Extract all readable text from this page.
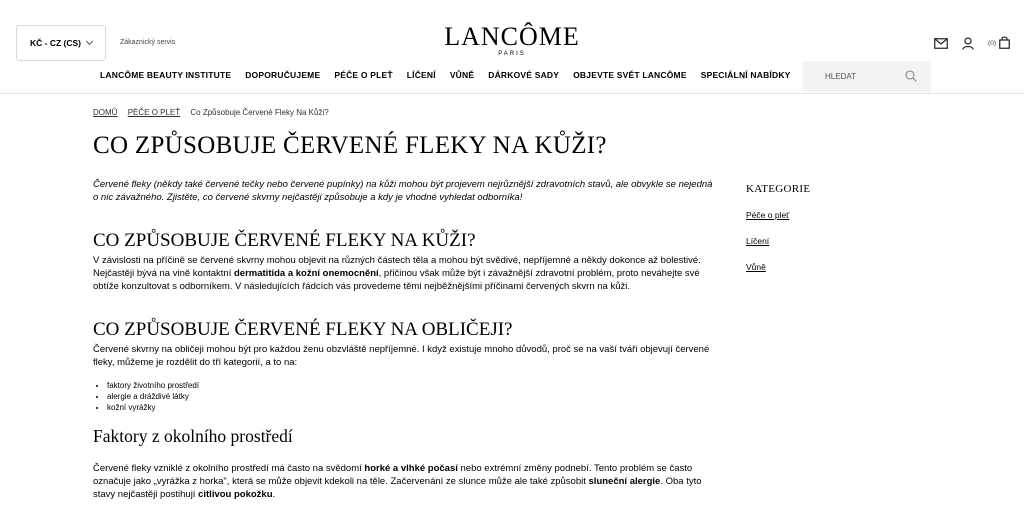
KČ - CZ (CS)	Zákaznický servis	LANCÔME
PARIS
(0)
LANCÔME BEAUTY INSTITUTE DOPORUČUJEME PÉČE O PLEŤ LÍČENÍ VŮNĚ DÁRKOVÉ SADY OBJEVTE SVĚT LANCÔME SPECIÁLNÍ NABÍDKY	HLEDAT
DOMŮ PÉČE O PLEŤ Co Způsobuje Červené Fleky Na Kůži?
CO ZPŮSOBUJE ČERVENÉ FLEKY NA KŮŽI?
Červené fleky (někdy také červené tečky nebo červené pupínky) na kůži mohou být projevem nejrůznější zdravotních stavů, ale obvykle se nejedná o nic závažného. Zjistěte, co červené skvrny nejčastěji způsobuje a kdy je vhodné vyhledat odborníka!
CO ZPŮSOBUJE ČERVENÉ FLEKY NA KŮŽI?
V závislosti na příčině se červené skvrny mohou objevit na různých částech těla a mohou být svědivé, nepříjemné a někdy dokonce až bolestivé. Nejčastěji bývá na vině kontaktní dermatitida a kožní onemocnění, přičinou však může být i závažnější zdravotní problém, proto neváhejte své obtíže konzultovat s odborníkem. V následujících řádcích vás provedeme těmi nejběžnějšími příčinami červených skvrn na kůži.
CO ZPŮSOBUJE ČERVENÉ FLEKY NA OBLIČEJI?
Červené skvrny na obličeji mohou být pro každou ženu obzvláště nepříjemné. I když existuje mnoho důvodů, proč se na vaší tváři objevují červené fleky, můžeme je rozdělit do tří kategorií, a to na:
• faktory životního prostředí
• alergie a dráždivé látky
• kožní vyrážky
Faktory z okolního prostředí
Červené fleky vzniklé z okolního prostředí má často na svědomí horké a vlhké počasí nebo extrémní změny podnebí. Tento problém se často označuje jako „vyrážka z horka", která se může objevit kdekoli na těle. Začervenání ze slunce může ale také způsobit sluneční alergie. Oba tyto stavy nejčastěji postihují citlivou pokožku.
KATEGORIE
Péče o pleť
Líčení
Vůně
